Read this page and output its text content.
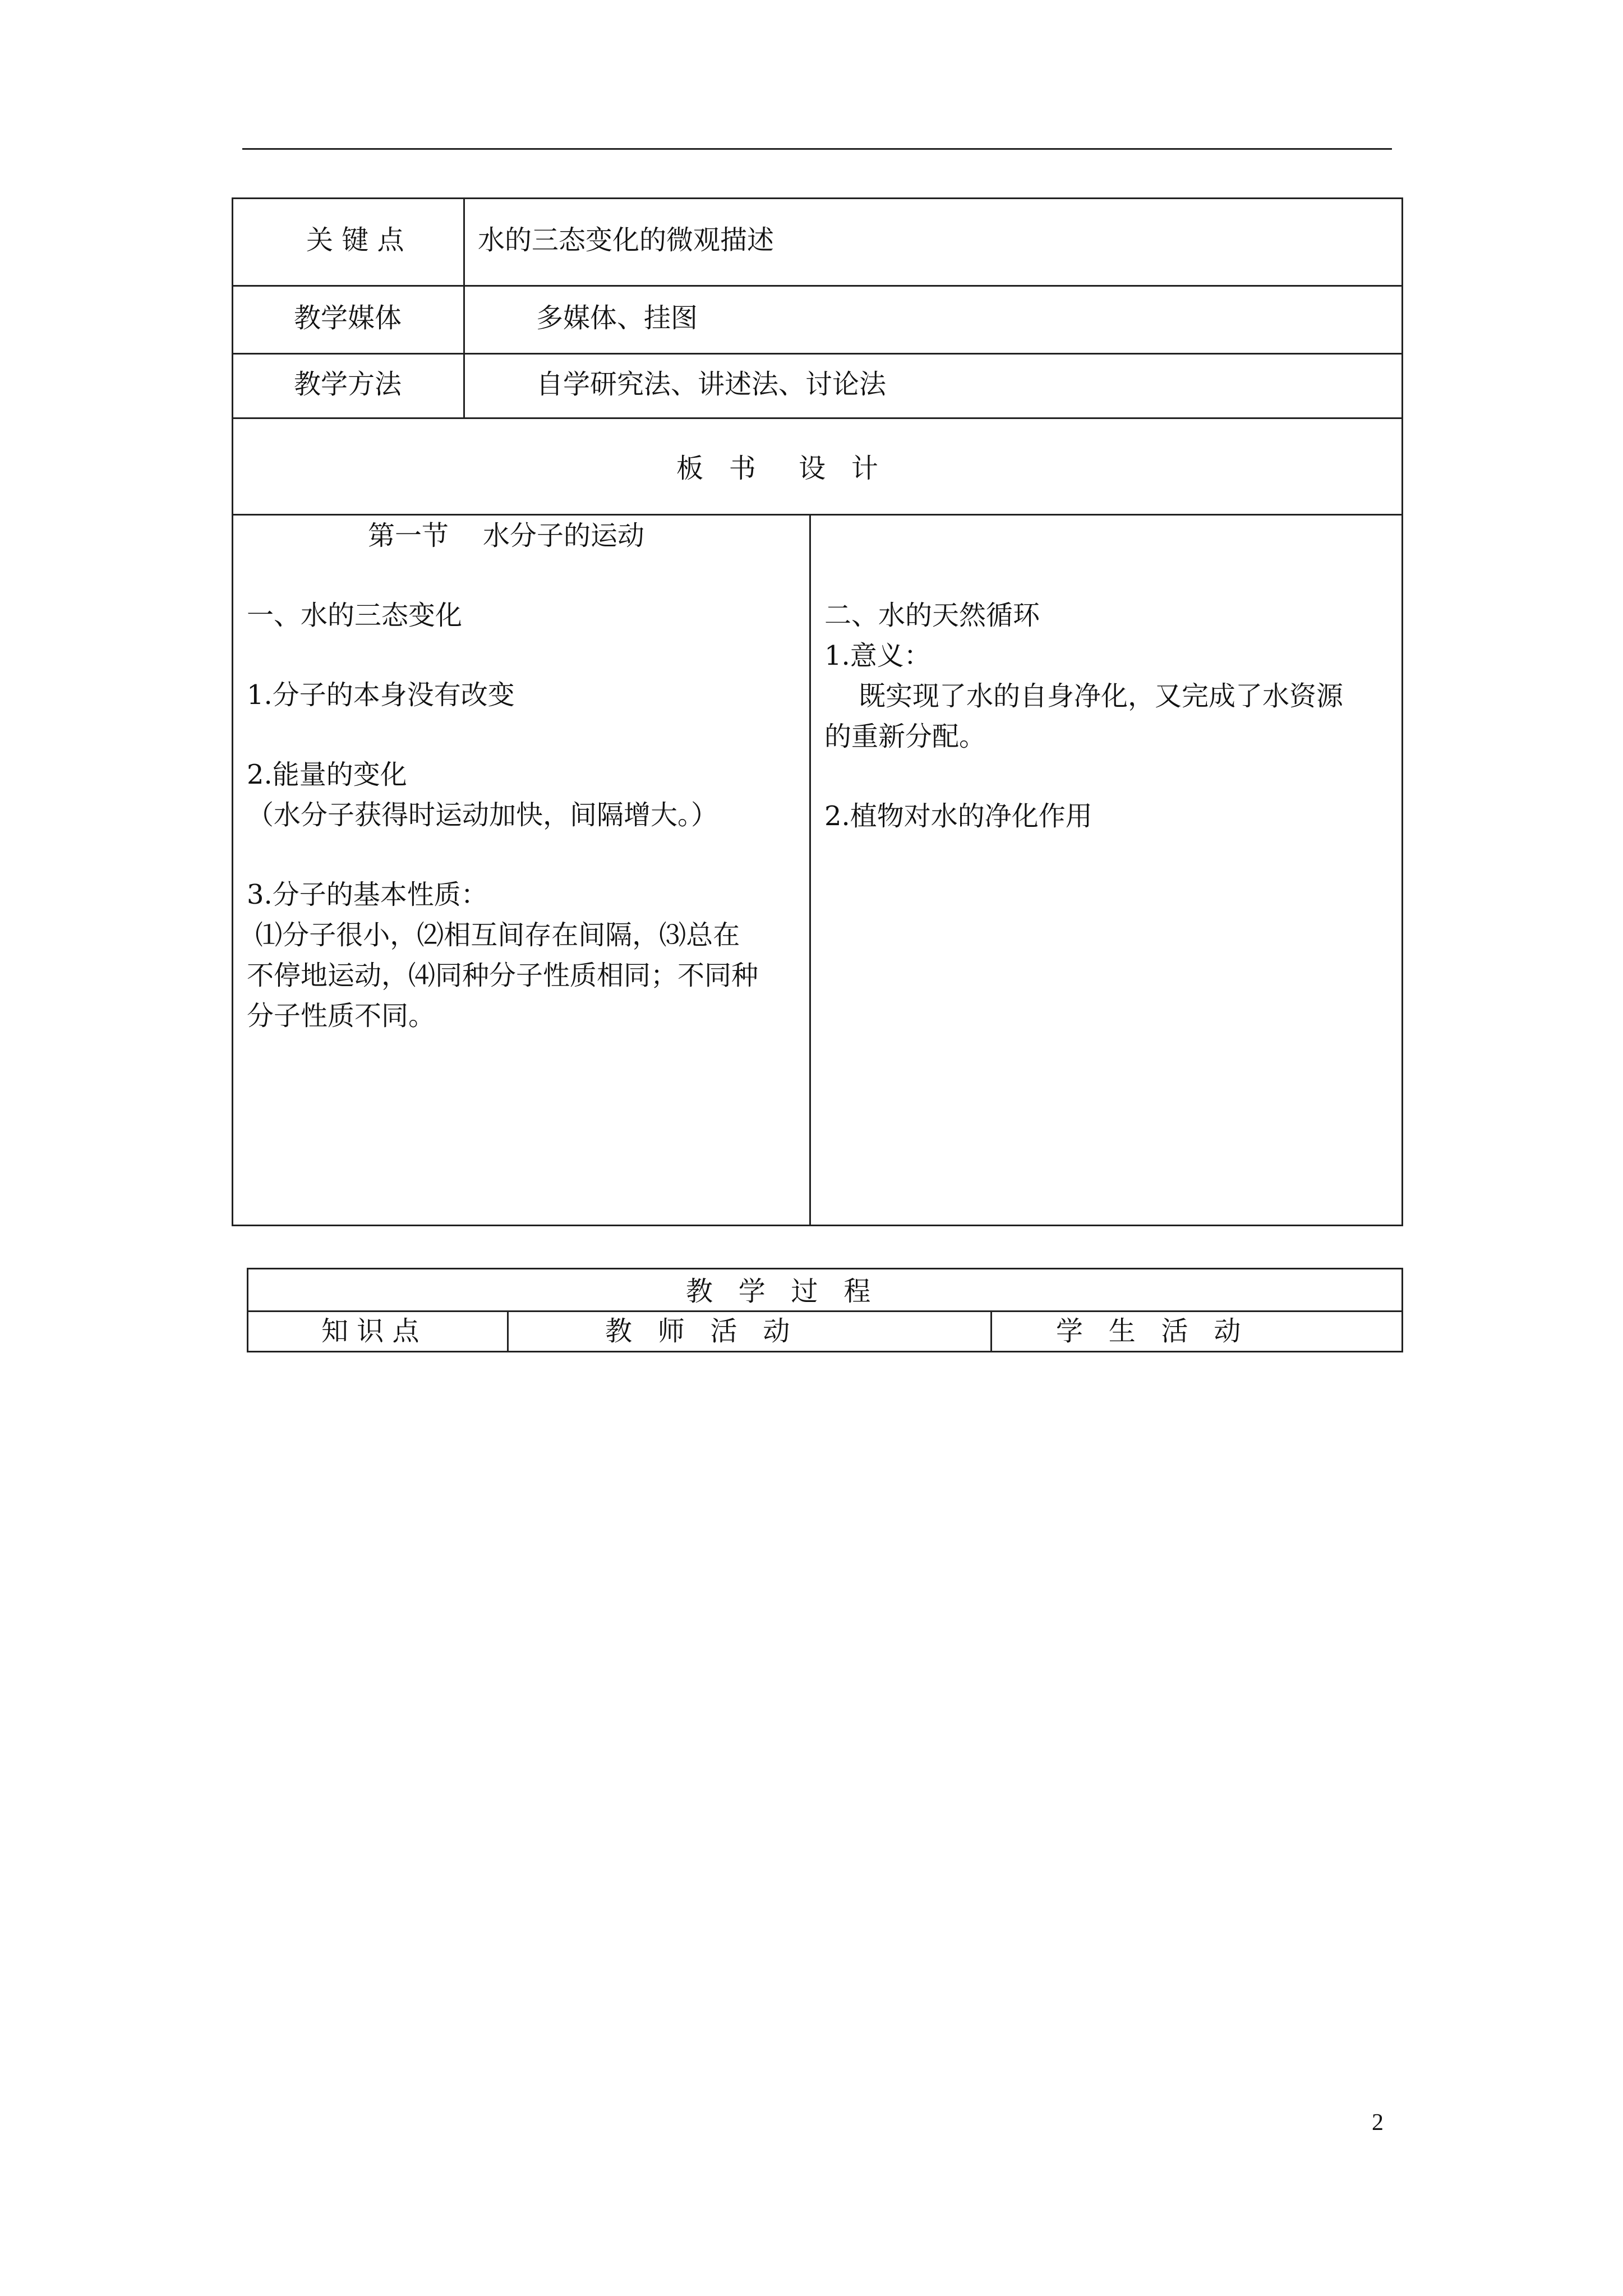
关 键 点	水的三态变化的微观描述
教学媒体	多媒体、挂图
教学方法	自学研究法、讲述法、讨论法
板   书     设   计
第一节    水分子的运动
一、水的三态变化
1.分子的本身没有改变
2.能量的变化
（水分子获得时运动加快，间隔增大。）
3.分子的基本性质：
⑴分子很小，⑵相互间存在间隔，⑶总在
不停地运动，⑷同种分子性质相同；不同种
分子性质不同。
二、水的天然循环
1.意义：
既实现了水的自身净化，又完成了水资源
的重新分配。
2.植物对水的净化作用
教   学   过   程
知 识 点	教   师   活   动	学   生   活   动
2
